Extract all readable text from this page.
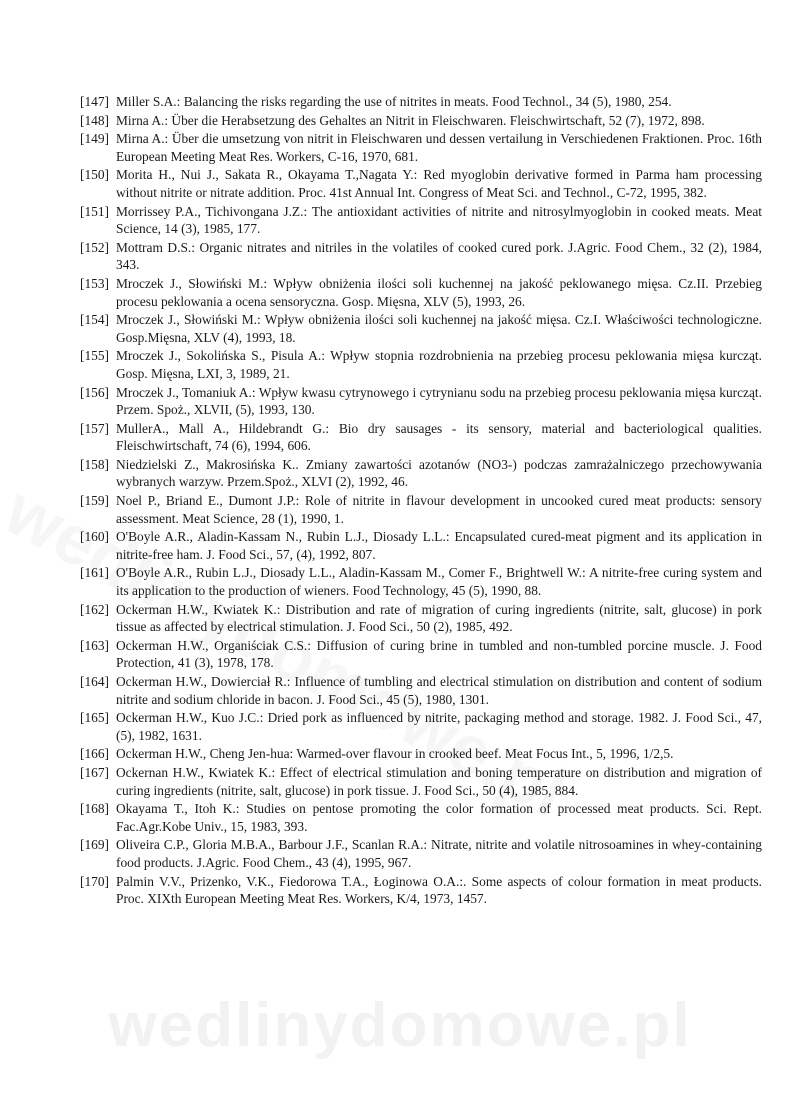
[147] Miller S.A.: Balancing the risks regarding the use of nitrites in meats. Food Technol., 34 (5), 1980, 254.
[148] Mirna A.: Über die Herabsetzung des Gehaltes an Nitrit in Fleischwaren. Fleischwirtschaft, 52 (7), 1972, 898.
[149] Mirna A.: Über die umsetzung von nitrit in Fleischwaren und dessen vertailung in Verschiedenen Fraktionen. Proc. 16th European Meeting Meat Res. Workers, C-16, 1970, 681.
[150] Morita H., Nui J., Sakata R., Okayama T.,Nagata Y.: Red myoglobin derivative formed in Parma ham processing without nitrite or nitrate addition. Proc. 41st Annual Int. Congress of Meat Sci. and Technol., C-72, 1995, 382.
[151] Morrissey P.A., Tichivongana J.Z.: The antioxidant activities of nitrite and nitrosylmyoglobin in cooked meats. Meat Science, 14 (3), 1985, 177.
[152] Mottram D.S.: Organic nitrates and nitriles in the volatiles of cooked cured pork. J.Agric. Food Chem., 32 (2), 1984, 343.
[153] Mroczek J., Słowiński M.: Wpływ obniżenia ilości soli kuchennej na jakość peklowanego mięsa. Cz.II. Przebieg procesu peklowania a ocena sensoryczna. Gosp. Mięsna, XLV (5), 1993, 26.
[154] Mroczek J., Słowiński M.: Wpływ obniżenia ilości soli kuchennej na jakość mięsa. Cz.I. Właściwości technologiczne. Gosp.Mięsna, XLV (4), 1993, 18.
[155] Mroczek J., Sokolińska S., Pisula A.: Wpływ stopnia rozdrobnienia na przebieg procesu peklowania mięsa kurcząt. Gosp. Mięsna, LXI, 3, 1989, 21.
[156] Mroczek J., Tomaniuk A.: Wpływ kwasu cytrynowego i cytrynianu sodu na przebieg procesu peklowania mięsa kurcząt. Przem. Spoż., XLVII, (5), 1993, 130.
[157] MullerA., Mall A., Hildebrandt G.: Bio dry sausages - its sensory, material and bacteriological qualities. Fleischwirtschaft, 74 (6), 1994, 606.
[158] Niedzielski Z., Makrosińska K.. Zmiany zawartości azotanów (NO3-) podczas zamrażalniczego przechowywania wybranych warzyw. Przem.Spoż., XLVI (2), 1992, 46.
[159] Noel P., Briand E., Dumont J.P.: Role of nitrite in flavour development in uncooked cured meat products: sensory assessment. Meat Science, 28 (1), 1990, 1.
[160] O'Boyle A.R., Aladin-Kassam N., Rubin L.J., Diosady L.L.: Encapsulated cured-meat pigment and its application in nitrite-free ham. J. Food Sci., 57, (4), 1992, 807.
[161] O'Boyle A.R., Rubin L.J., Diosady L.L., Aladin-Kassam M., Comer F., Brightwell W.: A nitrite-free curing system and its application to the production of wieners. Food Technology, 45 (5), 1990, 88.
[162] Ockerman H.W., Kwiatek K.: Distribution and rate of migration of curing ingredients (nitrite, salt, glucose) in pork tissue as affected by electrical stimulation. J. Food Sci., 50 (2), 1985, 492.
[163] Ockerman H.W., Organiściak C.S.: Diffusion of curing brine in tumbled and non-tumbled porcine muscle. J. Food Protection, 41 (3), 1978, 178.
[164] Ockerman H.W., Dowierciał R.: Influence of tumbling and electrical stimulation on distribution and content of sodium nitrite and sodium chloride in bacon. J. Food Sci., 45 (5), 1980, 1301.
[165] Ockerman H.W., Kuo J.C.: Dried pork as influenced by nitrite, packaging method and storage. 1982. J. Food Sci., 47, (5), 1982, 1631.
[166] Ockerman H.W., Cheng Jen-hua: Warmed-over flavour in crooked beef. Meat Focus Int., 5, 1996, 1/2,5.
[167] Ockernan H.W., Kwiatek K.: Effect of electrical stimulation and boning temperature on distribution and migration of curing ingredients (nitrite, salt, glucose) in pork tissue. J. Food Sci., 50 (4), 1985, 884.
[168] Okayama T., Itoh K.: Studies on pentose promoting the color formation of processed meat products. Sci. Rept. Fac.Agr.Kobe Univ., 15, 1983, 393.
[169] Oliveira C.P., Gloria M.B.A., Barbour J.F., Scanlan R.A.: Nitrate, nitrite and volatile nitrosoamines in whey-containing food products. J.Agric. Food Chem., 43 (4), 1995, 967.
[170] Palmin V.V., Prizenko, V.K., Fiedorowa T.A., Łoginowa O.A.:. Some aspects of colour formation in meat products. Proc. XIXth European Meeting Meat Res. Workers, K/4, 1973, 1457.
wedlinydomowe.pl
